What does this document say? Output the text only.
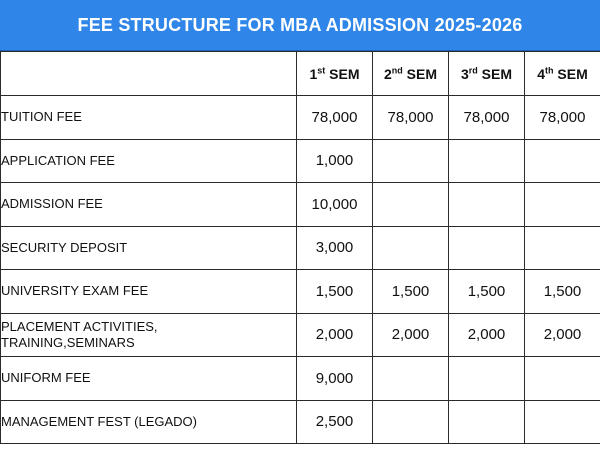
FEE STRUCTURE FOR MBA ADMISSION 2025-2026
	1st SEM	2nd SEM	3rd SEM	4th SEM
TUITION FEE	78,000	78,000	78,000	78,000
APPLICATION FEE	1,000			
ADMISSION FEE	10,000			
SECURITY DEPOSIT	3,000			
UNIVERSITY EXAM FEE	1,500	1,500	1,500	1,500
PLACEMENT ACTIVITIES,
TRAINING,SEMINARS	2,000	2,000	2,000	2,000
UNIFORM FEE	9,000			
MANAGEMENT FEST (LEGADO)	2,500			
